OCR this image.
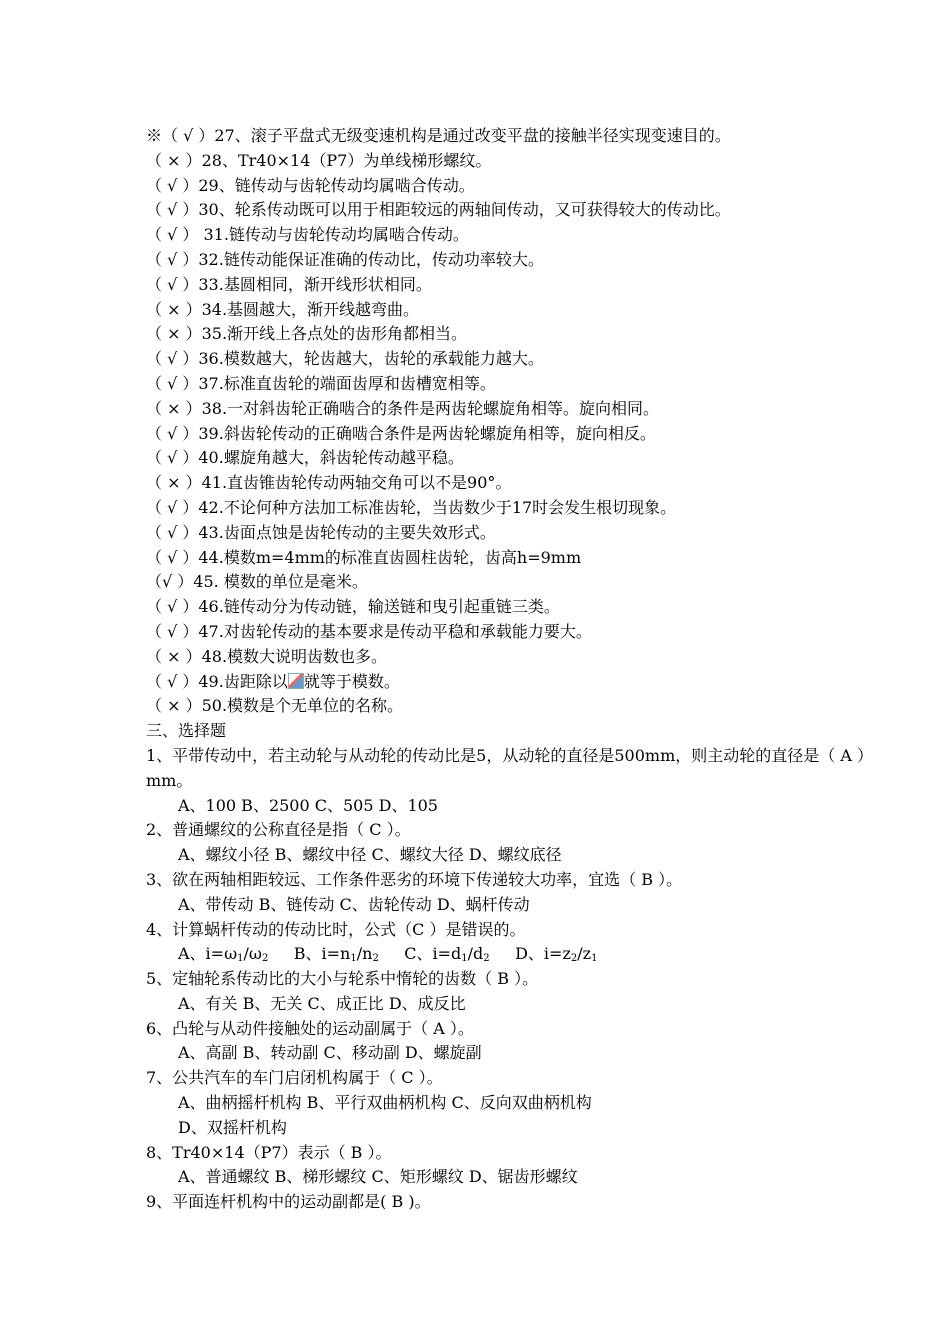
※（ √ ）27、滚子平盘式无级变速机构是通过改变平盘的接触半径实现变速目的。
（ × ）28、Tr40×14（P7）为单线梯形螺纹。
（ √ ）29、链传动与齿轮传动均属啮合传动。
（ √ ）30、轮系传动既可以用于相距较远的两轴间传动，又可获得较大的传动比。
（ √ ） 31.链传动与齿轮传动均属啮合传动。
（ √ ）32.链传动能保证准确的传动比，传动功率较大。
（ √ ）33.基圆相同，渐开线形状相同。
（ × ）34.基圆越大，渐开线越弯曲。
（ × ）35.渐开线上各点处的齿形角都相当。
（ √ ）36.模数越大，轮齿越大，齿轮的承载能力越大。
（ √ ）37.标准直齿轮的端面齿厚和齿槽宽相等。
（ × ）38.一对斜齿轮正确啮合的条件是两齿轮螺旋角相等。旋向相同。
（ √ ）39.斜齿轮传动的正确啮合条件是两齿轮螺旋角相等，旋向相反。
（ √ ）40.螺旋角越大，斜齿轮传动越平稳。
（ × ）41.直齿锥齿轮传动两轴交角可以不是90°。
（ √ ）42.不论何种方法加工标准齿轮，当齿数少于17时会发生根切现象。
（ √ ）43.齿面点蚀是齿轮传动的主要失效形式。
（ √ ）44.模数m=4mm的标准直齿圆柱齿轮，齿高h=9mm
（√ ）45. 模数的单位是毫米。
（ √ ）46.链传动分为传动链，输送链和曳引起重链三类。
（ √ ）47.对齿轮传动的基本要求是传动平稳和承载能力要大。
（ × ）48.模数大说明齿数也多。
（ √ ）49.齿距除以 就等于模数。
（ × ）50.模数是个无单位的名称。
三、选择题
1、平带传动中，若主动轮与从动轮的传动比是5，从动轮的直径是500mm，则主动轮的直径是（ A ）mm。
A、100 B、2500 C、505 D、105
2、普通螺纹的公称直径是指（ C ）。
A、螺纹小径 B、螺纹中径 C、螺纹大径 D、螺纹底径
3、欲在两轴相距较远、工作条件恶劣的环境下传递较大功率，宜选（ B ）。
A、带传动 B、链传动 C、齿轮传动 D、蜗杆传动
4、计算蜗杆传动的传动比时，公式（C ）是错误的。
A、$i=\omega_1/\omega_2$ B、$i=n_1/n_2$ C、$i=d_1/d_2$ D、$i=z_2/z_1$
5、定轴轮系传动比的大小与轮系中惰轮的齿数（ B ）。
A、有关 B、无关 C、成正比 D、成反比
6、凸轮与从动件接触处的运动副属于（ A ）。
A、高副 B、转动副 C、移动副 D、螺旋副
7、公共汽车的车门启闭机构属于（ C ）。
A、曲柄摇杆机构 B、平行双曲柄机构 C、反向双曲柄机构
D、双摇杆机构
8、Tr40×14（P7）表示（ B ）。
A、普通螺纹 B、梯形螺纹 C、矩形螺纹 D、锯齿形螺纹
9、平面连杆机构中的运动副都是( B )。
